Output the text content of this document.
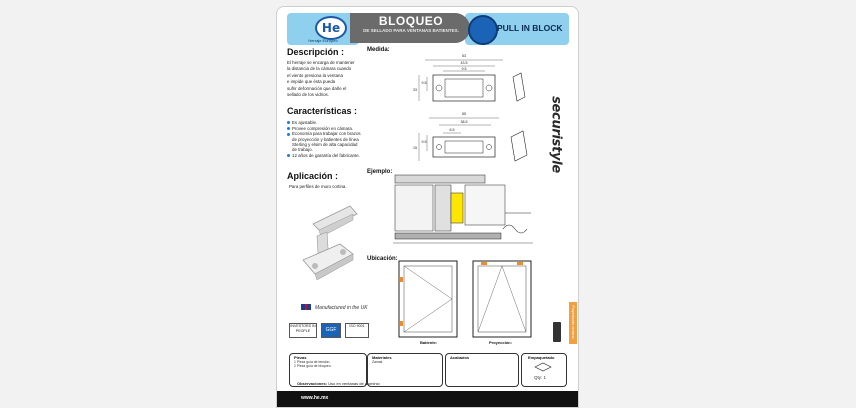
He
Herraje Europeo
BLOQUEO
DE SELLADO PARA VENTANAS BATIENTES.	PULL IN BLOCK
Descripción :
El herraje se encarga de mantener
la distancia de la cámara cuando
el viento presiona la ventana
e impide que ésta pueda
sufrir deformación que dañe el
sellado de los vidrios.
Características :
Es ajustable.
Provee compresión en cámara.
Economía para trabajar con brazos de proyección y batientes de línea Sterling y elsim de alta capacidad de trabajo.
12 años de garantía del fabricante.
Aplicación :
Para perfiles de muro cortina.
Manufactured in the UK
INVESTORS IN PEOPLE	GGF
ISO 9001
Medida:
53
43.5
9.5
33
9.5
55
38.5
6.5
15
9.5
Ejemplo:
Ubicación:
Batiente:	Proyección:
securistyle
Proyectando ventana
Piezas
1 Pieza guía de tensión.
2 Pieza guía de bloqueo.
Materiales
Zamak
Acabados	Empaquetado
Qty: 1
Observaciones: Uso en ventanas de aluminio
www.he.mx
